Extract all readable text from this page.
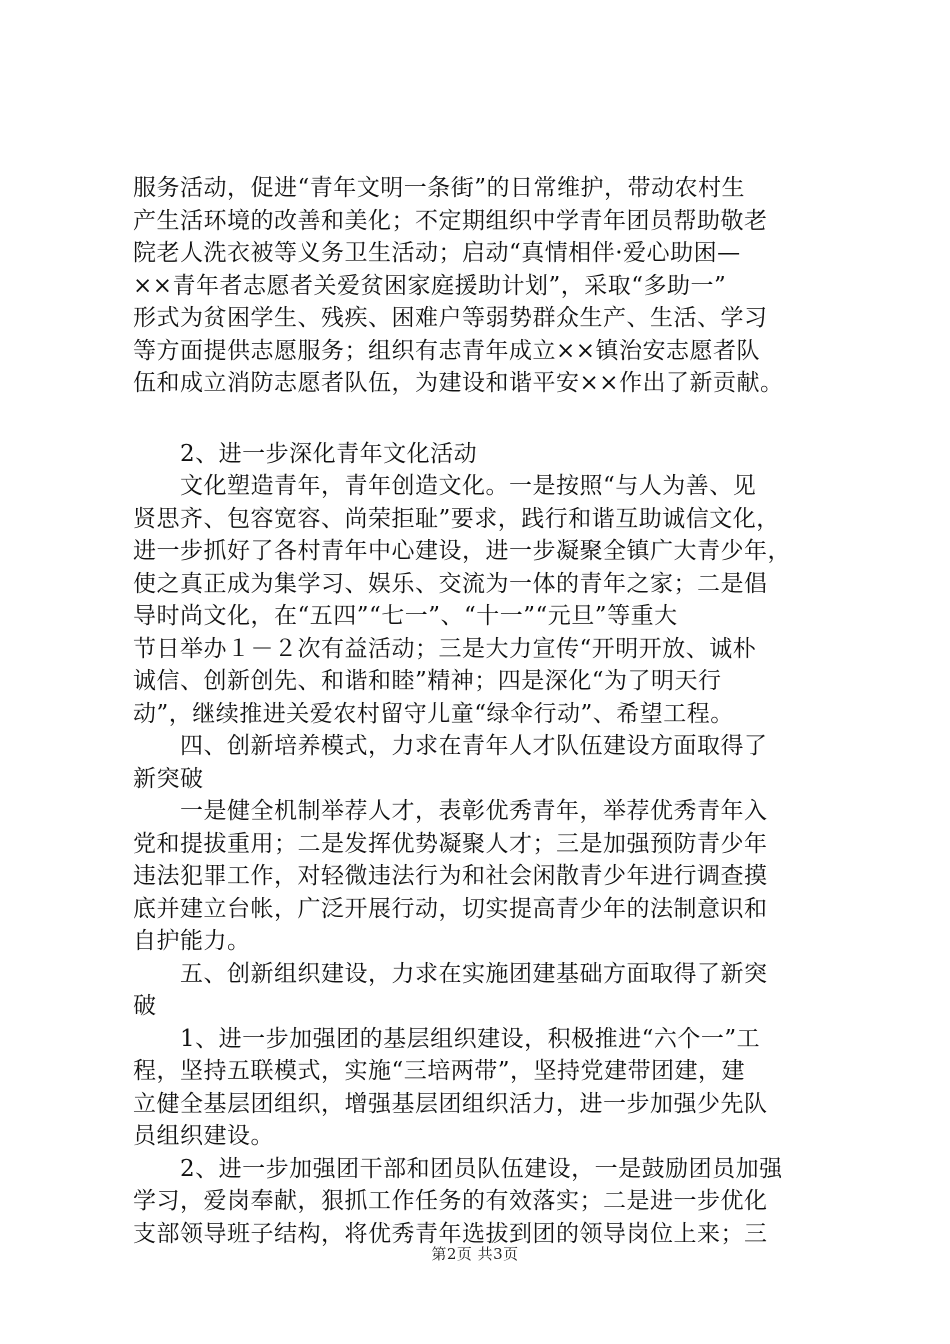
服务活动，促进“青年文明一条街”的日常维护，带动农村生
产生活环境的改善和美化；不定期组织中学青年团员帮助敬老
院老人洗衣被等义务卫生活动；启动“真情相伴·爱心助困—
××青年者志愿者关爱贫困家庭援助计划”，采取“多助一”
形式为贫困学生、残疾、困难户等弱势群众生产、生活、学习
等方面提供志愿服务；组织有志青年成立××镇治安志愿者队
伍和成立消防志愿者队伍，为建设和谐平安××作出了新贡献。
　　2、进一步深化青年文化活动
　　文化塑造青年，青年创造文化。一是按照“与人为善、见
贤思齐、包容宽容、尚荣拒耻”要求，践行和谐互助诚信文化，
进一步抓好了各村青年中心建设，进一步凝聚全镇广大青少年，
使之真正成为集学习、娱乐、交流为一体的青年之家；二是倡
导时尚文化，在“五四”“七一”、“十一”“元旦”等重大
节日举办１－２次有益活动；三是大力宣传“开明开放、诚朴
诚信、创新创先、和谐和睦”精神；四是深化“为了明天行
动”，继续推进关爱农村留守儿童“绿伞行动”、希望工程。
　　四、创新培养模式，力求在青年人才队伍建设方面取得了
新突破
　　一是健全机制举荐人才，表彰优秀青年，举荐优秀青年入
党和提拔重用；二是发挥优势凝聚人才；三是加强预防青少年
违法犯罪工作，对轻微违法行为和社会闲散青少年进行调查摸
底并建立台帐，广泛开展行动，切实提高青少年的法制意识和
自护能力。
　　五、创新组织建设，力求在实施团建基础方面取得了新突
破
　　1、进一步加强团的基层组织建设，积极推进“六个一”工
程，坚持五联模式，实施“三培两带”，坚持党建带团建，建
立健全基层团组织，增强基层团组织活力，进一步加强少先队
员组织建设。
　　2、进一步加强团干部和团员队伍建设，一是鼓励团员加强
学习，爱岗奉献，狠抓工作任务的有效落实；二是进一步优化
支部领导班子结构，将优秀青年选拔到团的领导岗位上来；三
第2页 共3页
